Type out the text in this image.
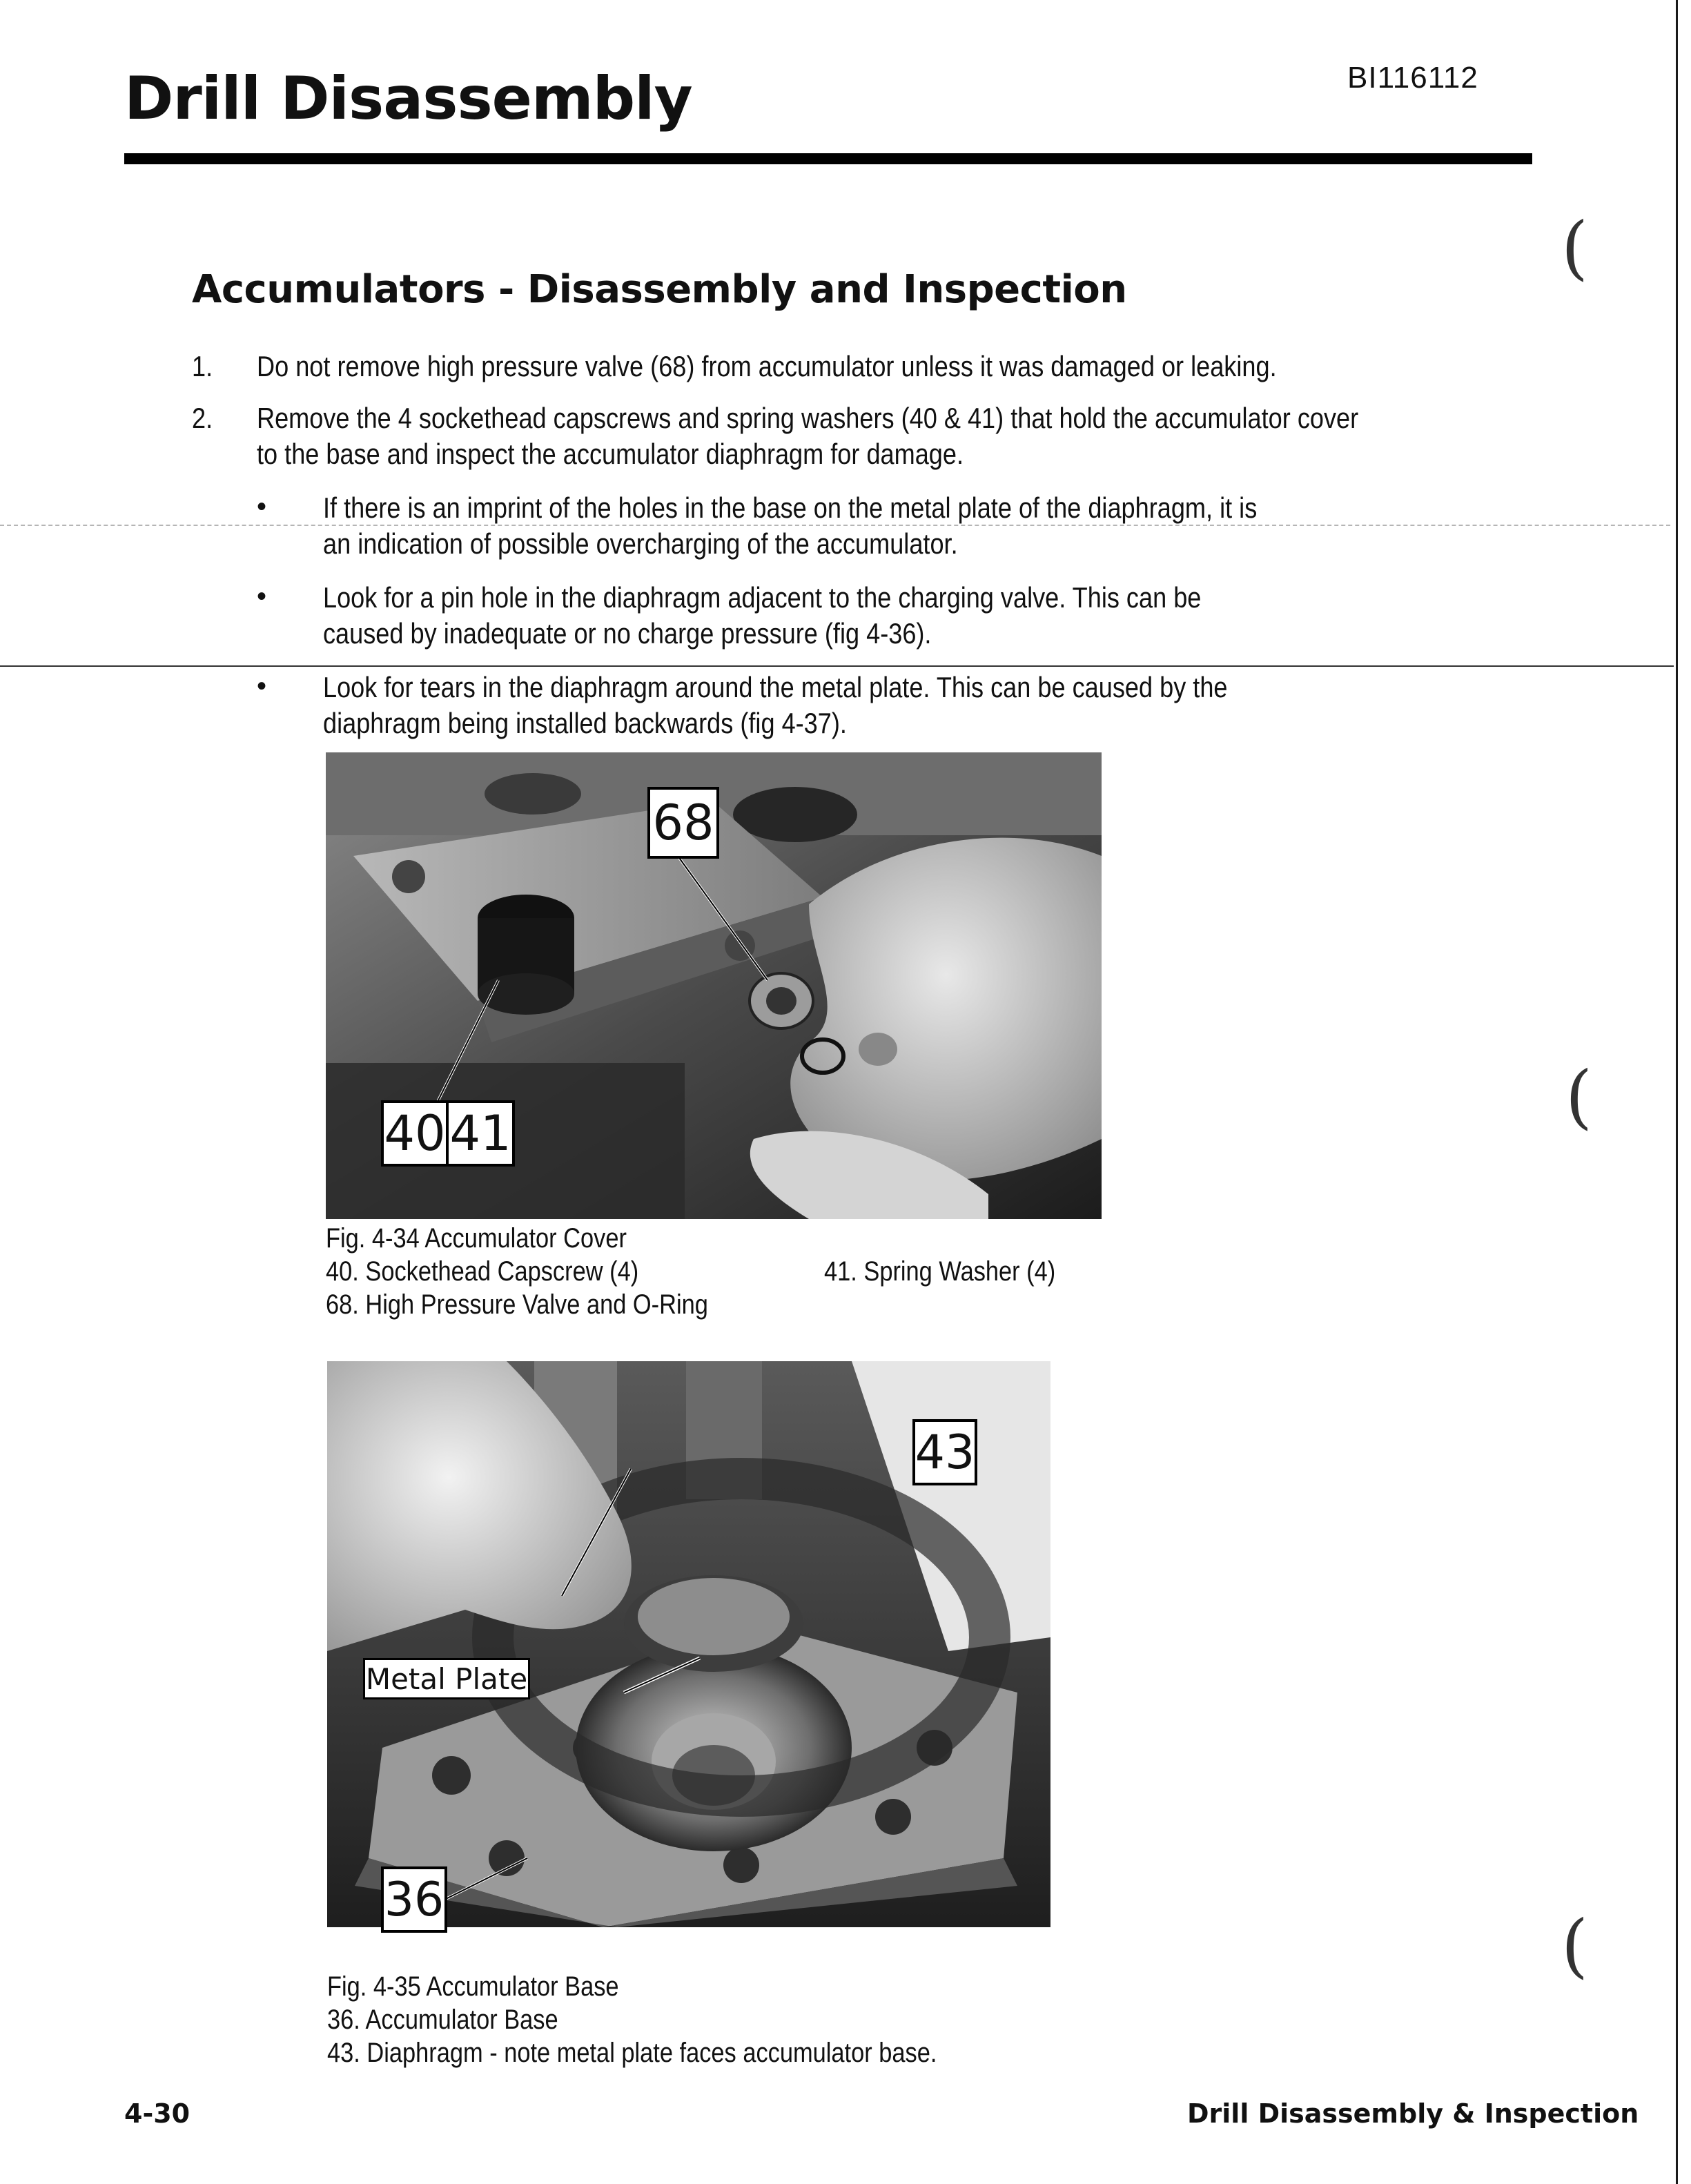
(
(
(
Drill Disassembly	BI116112
Accumulators - Disassembly and Inspection
1. Do not remove high pressure valve (68) from accumulator unless it was damaged or leaking.
2. Remove the 4 sockethead capscrews and spring washers (40 & 41) that hold the accumulator cover
to the base and inspect the accumulator diaphragm for damage.
• If there is an imprint of the holes in the base on the metal plate of the diaphragm, it is
an indication of possible overcharging of the accumulator.
• Look for a pin hole in the diaphragm adjacent to the charging valve. This can be
caused by inadequate or no charge pressure (fig 4-36).
• Look for tears in the diaphragm around the metal plate. This can be caused by the
diaphragm being installed backwards (fig 4-37).
68
40 41
Fig. 4-34 Accumulator Cover
40. Sockethead Capscrew (4)	41. Spring Washer (4)
68. High Pressure Valve and O-Ring
43
Metal Plate
36
Fig. 4-35 Accumulator Base
36. Accumulator Base
43. Diaphragm - note metal plate faces accumulator base.
4-30	Drill Disassembly & Inspection
